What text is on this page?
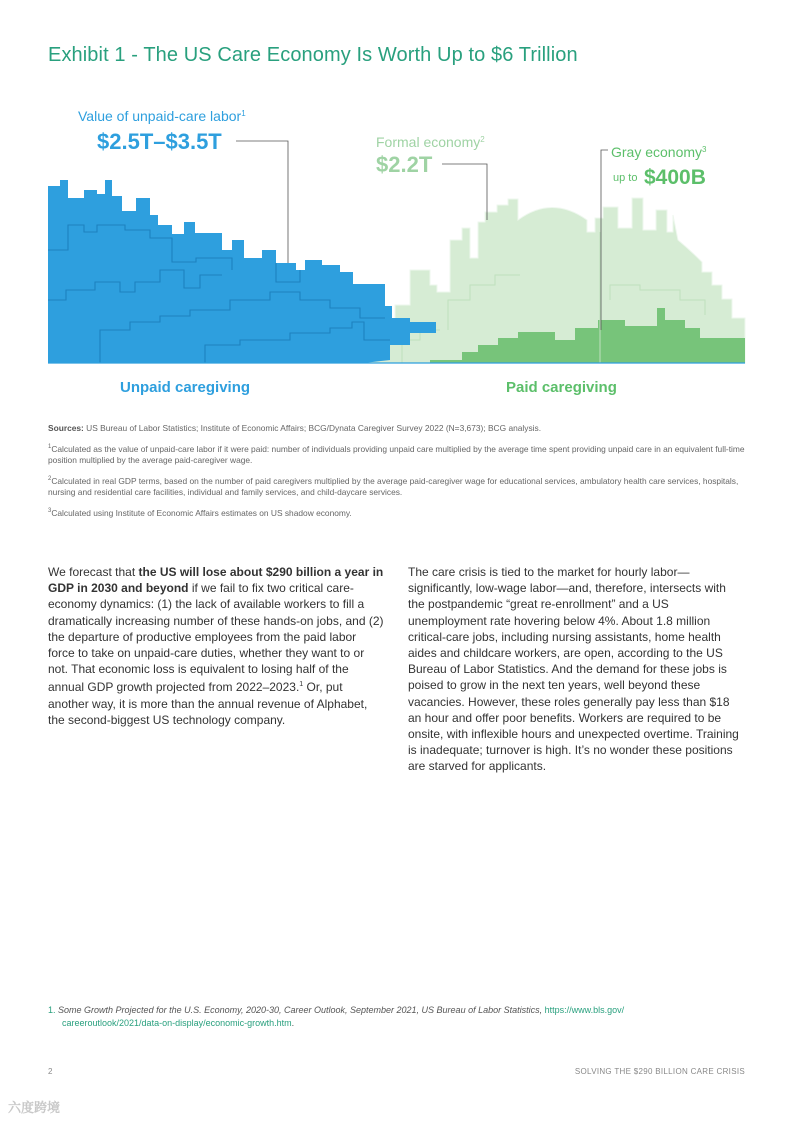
Exhibit 1 - The US Care Economy Is Worth Up to $6 Trillion
Value of unpaid-care labor$^1$
$2.5T–$3.5T	Formal economy$^2$
$2.2T	Gray economy$^3$
up to $400B
Unpaid caregiving	Paid caregiving

Sources: US Bureau of Labor Statistics; Institute of Economic Affairs; BCG/Dynata Caregiver Survey 2022 (N=3,673); BCG analysis.

$^1$Calculated as the value of unpaid-care labor if it were paid: number of individuals providing unpaid care multiplied by the average time spent providing unpaid care in an equivalent full-time position multiplied by the average paid-caregiver wage.

$^2$Calculated in real GDP terms, based on the number of paid caregivers multiplied by the average paid-caregiver wage for educational services, ambulatory health care services, hospitals, nursing and residential care facilities, individual and family services, and child-daycare services.

$^3$Calculated using Institute of Economic Affairs estimates on US shadow economy.

We forecast that the US will lose about $290 billion a year in GDP in 2030 and beyond if we fail to fix two critical care-economy dynamics: (1) the lack of available workers to fill a dramatically increasing number of these hands-on jobs, and (2) the departure of productive employees from the paid labor force to take on unpaid-care duties, whether they want to or not. That economic loss is equivalent to losing half of the annual GDP growth projected from 2022–2023.$^1$ Or, put another way, it is more than the annual revenue of Alphabet, the second-biggest US technology company.

The care crisis is tied to the market for hourly labor—significantly, low-wage labor—and, therefore, intersects with the postpandemic “great re-enrollment” and a US unemployment rate hovering below 4%. About 1.8 million critical-care jobs, including nursing assistants, home health aides and childcare workers, are open, according to the US Bureau of Labor Statistics. And the demand for these jobs is poised to grow in the next ten years, well beyond these vacancies. However, these roles generally pay less than $18 an hour and offer poor benefits. Workers are required to be onsite, with inflexible hours and unexpected overtime. Training is inadequate; turnover is high. It’s no wonder these positions are starved for applicants.

1. Some Growth Projected for the U.S. Economy, 2020-30, Career Outlook, September 2021, US Bureau of Labor Statistics, https://www.bls.gov/
careeroutlook/2021/data-on-display/economic-growth.htm.
2	SOLVING THE $290 BILLION CARE CRISIS
六度跨境
